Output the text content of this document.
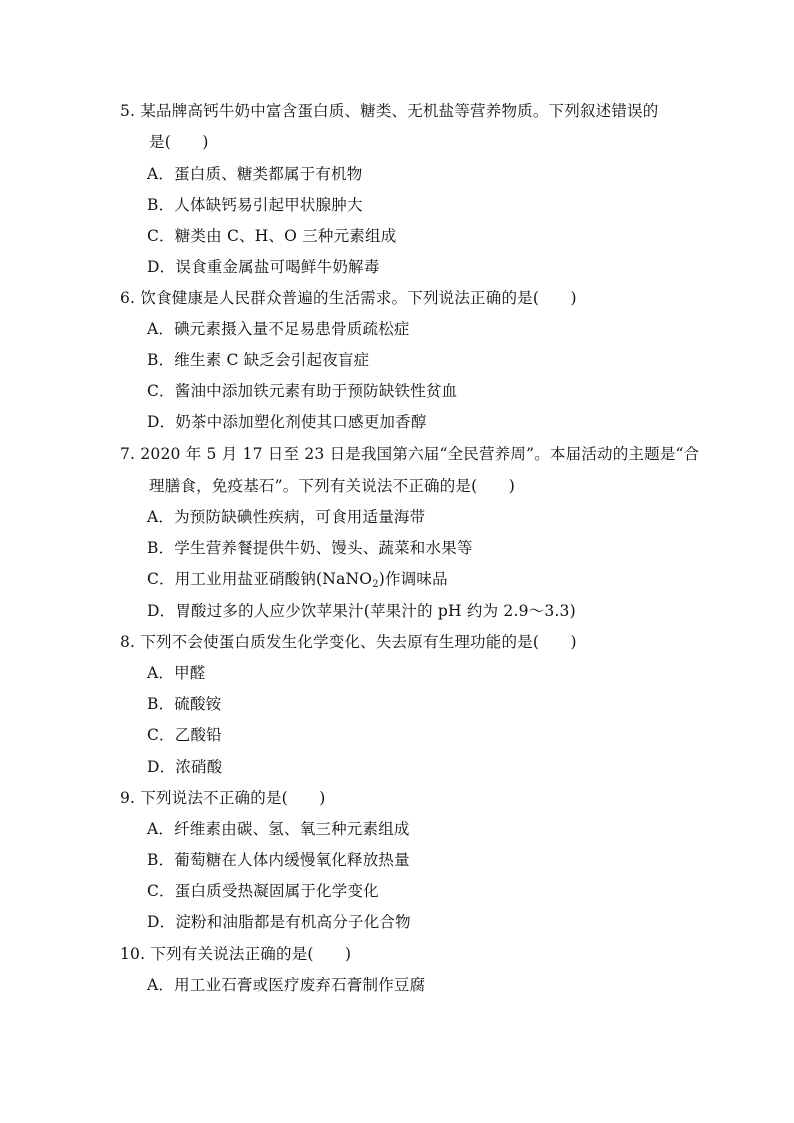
5. 某品牌高钙牛奶中富含蛋白质、糖类、无机盐等营养物质。下列叙述错误的
是(　　)
A．蛋白质、糖类都属于有机物
B．人体缺钙易引起甲状腺肿大
C．糖类由 C、H、O 三种元素组成
D．误食重金属盐可喝鲜牛奶解毒
6. 饮食健康是人民群众普遍的生活需求。下列说法正确的是(　　)
A．碘元素摄入量不足易患骨质疏松症
B．维生素 C 缺乏会引起夜盲症
C．酱油中添加铁元素有助于预防缺铁性贫血
D．奶茶中添加塑化剂使其口感更加香醇
7. 2020 年 5 月 17 日至 23 日是我国第六届“全民营养周”。本届活动的主题是“合
理膳食，免疫基石”。下列有关说法不正确的是(　　)
A．为预防缺碘性疾病，可食用适量海带
B．学生营养餐提供牛奶、馒头、蔬菜和水果等
C．用工业用盐亚硝酸钠(NaNO$_2$)作调味品
D．胃酸过多的人应少饮苹果汁(苹果汁的 pH 约为 2.9～3.3)
8. 下列不会使蛋白质发生化学变化、失去原有生理功能的是(　　)
A．甲醛
B．硫酸铵
C．乙酸铅
D．浓硝酸
9. 下列说法不正确的是(　　)
A．纤维素由碳、氢、氧三种元素组成
B．葡萄糖在人体内缓慢氧化释放热量
C．蛋白质受热凝固属于化学变化
D．淀粉和油脂都是有机高分子化合物
10. 下列有关说法正确的是(　　)
A．用工业石膏或医疗废弃石膏制作豆腐
